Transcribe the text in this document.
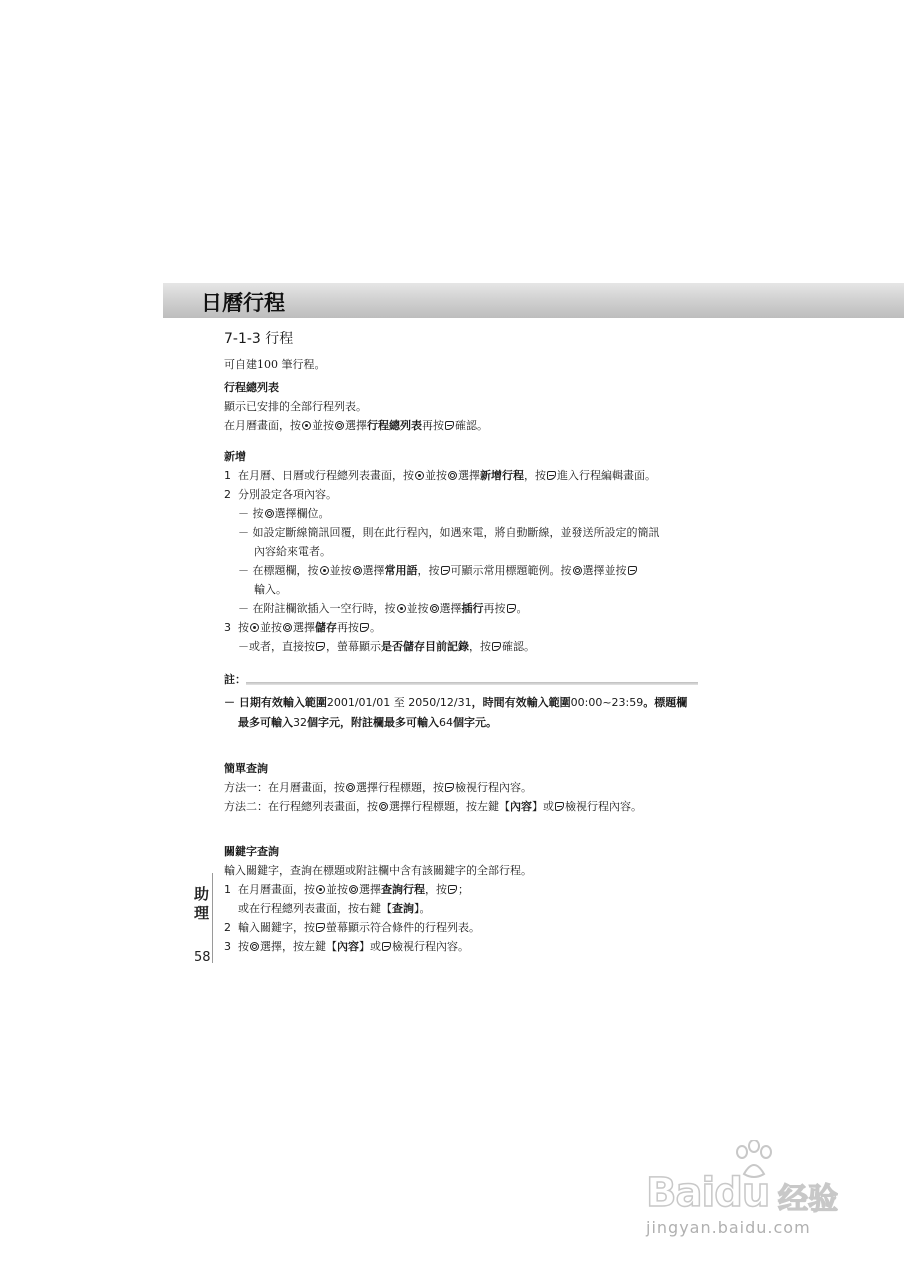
日曆行程
7-1-3 行程

可自建100 筆行程。

行程總列表

顯示已安排的全部行程列表。

在月曆畫面，按 並按 選擇行程總列表再按 確認。

新增

1 在月曆、日曆或行程總列表畫面，按 並按 選擇新增行程，按 進入行程編輯畫面。

2 分別設定各項內容。

－ 按 選擇欄位。

－ 如設定斷線簡訊回覆，則在此行程內，如遇來電，將自動斷線，並發送所設定的簡訊

內容給來電者。

－ 在標題欄，按 並按 選擇常用語，按 可顯示常用標題範例。按 選擇並按

輸入。

－ 在附註欄欲插入一空行時，按 並按 選擇插行再按 。

3 按 並按 選擇儲存再按 。

－或者，直接按 ，螢幕顯示是否儲存目前記錄，按 確認。

註：

－ 日期有效輸入範圍2001/01/01 至 2050/12/31，時間有效輸入範圍00:00~23:59。標題欄最多可輸入32個字元，附註欄最多可輸入64個字元。

簡單查詢

方法一：在月曆畫面，按 選擇行程標題，按 檢視行程內容。

方法二：在行程總列表畫面，按 選擇行程標題，按左鍵【內容】或 檢視行程內容。

關鍵字查詢

輸入關鍵字，查詢在標題或附註欄中含有該關鍵字的全部行程。

1 在月曆畫面，按 並按 選擇查詢行程，按 ；

或在行程總列表畫面，按右鍵【查詢】。

2 輸入關鍵字，按 螢幕顯示符合條件的行程列表。

3 按 選擇，按左鍵【內容】或 檢視行程內容。

助
理
58
Baidu 经验
jingyan.baidu.com
